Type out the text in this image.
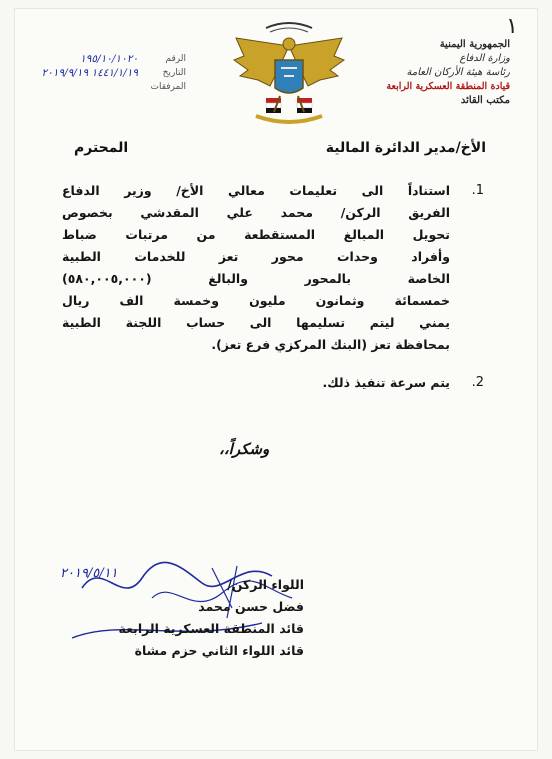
١
الجمهورية اليمنية
وزارة الدفاع
رئاسة هيئة الأركان العامة
قيادة المنطقة العسكرية الرابعة
مكتب القائد
الرقم
١٩٥/١٠/١٠٢٠
التاريخ
١٤٤١/١/١٩ ٢٠١٩/٩/١٩
المرفقات
الأخ/مدير الدائرة المالية
المحترم
1.
استناداً الى تعليمات معالي الأخ/ وزير الدفاع
الفريق الركن/ محمد علي المقدشي بخصوص
تحويل المبالغ المستقطعة من مرتبات ضباط
وأفراد وحدات محور تعز للخدمات الطبية
الخاصة بالمحور والبالغ (٥٨٠,٠٠٥,٠٠٠)
خمسمائة وثمانون مليون وخمسة الف ريال
يمني ليتم تسليمها الى حساب اللجنة الطبية
بمحافظة تعز (البنك المركزي فرع تعز).
2.
يتم سرعة تنفيذ ذلك.
وشكراً،،
٢٠١٩/٥/١١
اللواء الركن/
فضل حسن محمد
قائد المنطقة العسكرية الرابعة
قائد اللواء الثاني حزم مشاة
